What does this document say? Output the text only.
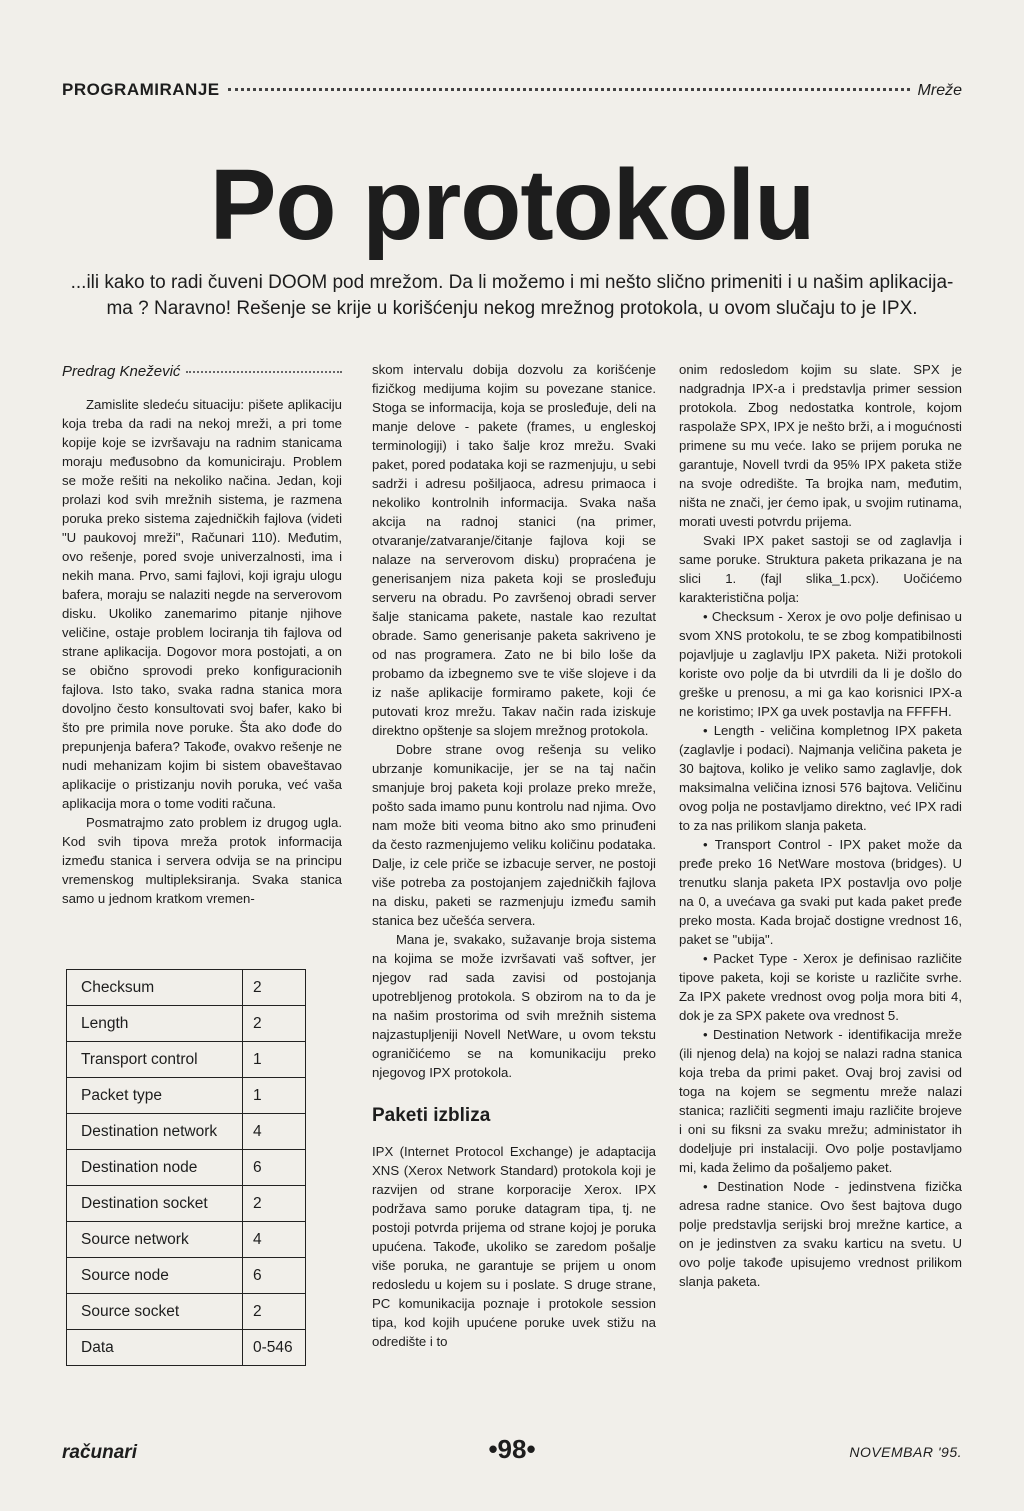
PROGRAMIRANJE	Mreže
Po protokolu
...ili kako to radi čuveni DOOM pod mrežom. Da li možemo i mi nešto slično primeniti i u našim aplikacija-ma ? Naravno! Rešenje se krije u korišćenju nekog mrežnog protokola, u ovom slučaju to je IPX.
Predrag Knežević

Zamislite sledeću situaciju: pišete aplikaciju koja treba da radi na nekoj mreži, a pri tome kopije koje se izvršavaju na radnim stanicama moraju međusobno da komuniciraju. Problem se može rešiti na nekoliko načina. Jedan, koji prolazi kod svih mrežnih sistema, je razmena poruka preko sistema zajedničkih fajlova (videti "U paukovoj mreži", Računari 110). Međutim, ovo rešenje, pored svoje univerzalnosti, ima i nekih mana. Prvo, sami fajlovi, koji igraju ulogu bafera, moraju se nalaziti negde na serverovom disku. Ukoliko zanemarimo pitanje njihove veličine, ostaje problem lociranja tih fajlova od strane aplikacija. Dogovor mora postojati, a on se obično sprovodi preko konfiguracionih fajlova. Isto tako, svaka radna stanica mora dovoljno često konsultovati svoj bafer, kako bi što pre primila nove poruke. Šta ako dođe do prepunjenja bafera? Takođe, ovakvo rešenje ne nudi mehanizam kojim bi sistem obaveštavao aplikacije o pristizanju novih poruka, već vaša aplikacija mora o tome voditi računa.

Posmatrajmo zato problem iz drugog ugla. Kod svih tipova mreža protok informacija između stanica i servera odvija se na principu vremenskog multipleksiranja. Svaka stanica samo u jednom kratkom vremen-

skom intervalu dobija dozvolu za korišćenje fizičkog medijuma kojim su povezane stanice. Stoga se informacija, koja se prosleđuje, deli na manje delove - pakete (frames, u engleskoj terminologiji) i tako šalje kroz mrežu. Svaki paket, pored podataka koji se razmenjuju, u sebi sadrži i adresu pošiljaoca, adresu primaoca i nekoliko kontrolnih informacija. Svaka naša akcija na radnoj stanici (na primer, otvaranje/zatvaranje/čitanje fajlova koji se nalaze na serverovom disku) propraćena je generisanjem niza paketa koji se prosleđuju serveru na obradu. Po završenoj obradi server šalje stanicama pakete, nastale kao rezultat obrade. Samo generisanje paketa sakriveno je od nas programera. Zato ne bi bilo loše da probamo da izbegnemo sve te više slojeve i da iz naše aplikacije formiramo pakete, koji će putovati kroz mrežu. Takav način rada iziskuje direktno opštenje sa slojem mrežnog protokola.

Dobre strane ovog rešenja su veliko ubrzanje komunikacije, jer se na taj način smanjuje broj paketa koji prolaze preko mreže, pošto sada imamo punu kontrolu nad njima. Ovo nam može biti veoma bitno ako smo prinuđeni da često razmenjujemo veliku količinu podataka. Dalje, iz cele priče se izbacuje server, ne postoji više potreba za postojanjem zajedničkih fajlova na disku, paketi se razmenjuju između samih stanica bez učešća servera.

Mana je, svakako, sužavanje broja sistema na kojima se može izvršavati vaš softver, jer njegov rad sada zavisi od postojanja upotrebljenog protokola. S obzirom na to da je na našim prostorima od svih mrežnih sistema najzastupljeniji Novell NetWare, u ovom tekstu ograničićemo se na komunikaciju preko njegovog IPX protokola.

Paketi izbliza

IPX (Internet Protocol Exchange) je adaptacija XNS (Xerox Network Standard) protokola koji je razvijen od strane korporacije Xerox. IPX podržava samo poruke datagram tipa, tj. ne postoji potvrda prijema od strane kojoj je poruka upućena. Takođe, ukoliko se zaredom pošalje više poruka, ne garantuje se prijem u onom redosledu u kojem su i poslate. S druge strane, PC komunikacija poznaje i protokole session tipa, kod kojih upućene poruke uvek stižu na odredište i to

onim redosledom kojim su slate. SPX je nadgradnja IPX-a i predstavlja primer session protokola. Zbog nedostatka kontrole, kojom raspolaže SPX, IPX je nešto brži, a i mogućnosti primene su mu veće. Iako se prijem poruka ne garantuje, Novell tvrdi da 95% IPX paketa stiže na svoje odredište. Ta brojka nam, međutim, ništa ne znači, jer ćemo ipak, u svojim rutinama, morati uvesti potvrdu prijema.

Svaki IPX paket sastoji se od zaglavlja i same poruke. Struktura paketa prikazana je na slici 1. (fajl slika_1.pcx). Uočićemo karakteristična polja:

• Checksum - Xerox je ovo polje definisao u svom XNS protokolu, te se zbog kompatibilnosti pojavljuje u zaglavlju IPX paketa. Niži protokoli koriste ovo polje da bi utvrdili da li je došlo do greške u prenosu, a mi ga kao korisnici IPX-a ne koristimo; IPX ga uvek postavlja na FFFFH.

• Length - veličina kompletnog IPX paketa (zaglavlje i podaci). Najmanja veličina paketa je 30 bajtova, koliko je veliko samo zaglavlje, dok maksimalna veličina iznosi 576 bajtova. Veličinu ovog polja ne postavljamo direktno, već IPX radi to za nas prilikom slanja paketa.

• Transport Control - IPX paket može da pređe preko 16 NetWare mostova (bridges). U trenutku slanja paketa IPX postavlja ovo polje na 0, a uvećava ga svaki put kada paket pređe preko mosta. Kada brojač dostigne vrednost 16, paket se "ubija".

• Packet Type - Xerox je definisao različite tipove paketa, koji se koriste u različite svrhe. Za IPX pakete vrednost ovog polja mora biti 4, dok je za SPX pakete ova vrednost 5.

• Destination Network - identifikacija mreže (ili njenog dela) na kojoj se nalazi radna stanica koja treba da primi paket. Ovaj broj zavisi od toga na kojem se segmentu mreže nalazi stanica; različiti segmenti imaju različite brojeve i oni su fiksni za svaku mrežu; administator ih dodeljuje pri instalaciji. Ovo polje postavljamo mi, kada želimo da pošaljemo paket.

• Destination Node - jedinstvena fizička adresa radne stanice. Ovo šest bajtova dugo polje predstavlja serijski broj mrežne kartice, a on je jedinstven za svaku karticu na svetu. U ovo polje takođe upisujemo vrednost prilikom slanja paketa.

Checksum	2
Length	2
Transport control	1
Packet type	1
Destination network	4
Destination node	6
Destination socket	2
Source network	4
Source node	6
Source socket	2
Data	0-546
računari	•98•	NOVEMBAR '95.
